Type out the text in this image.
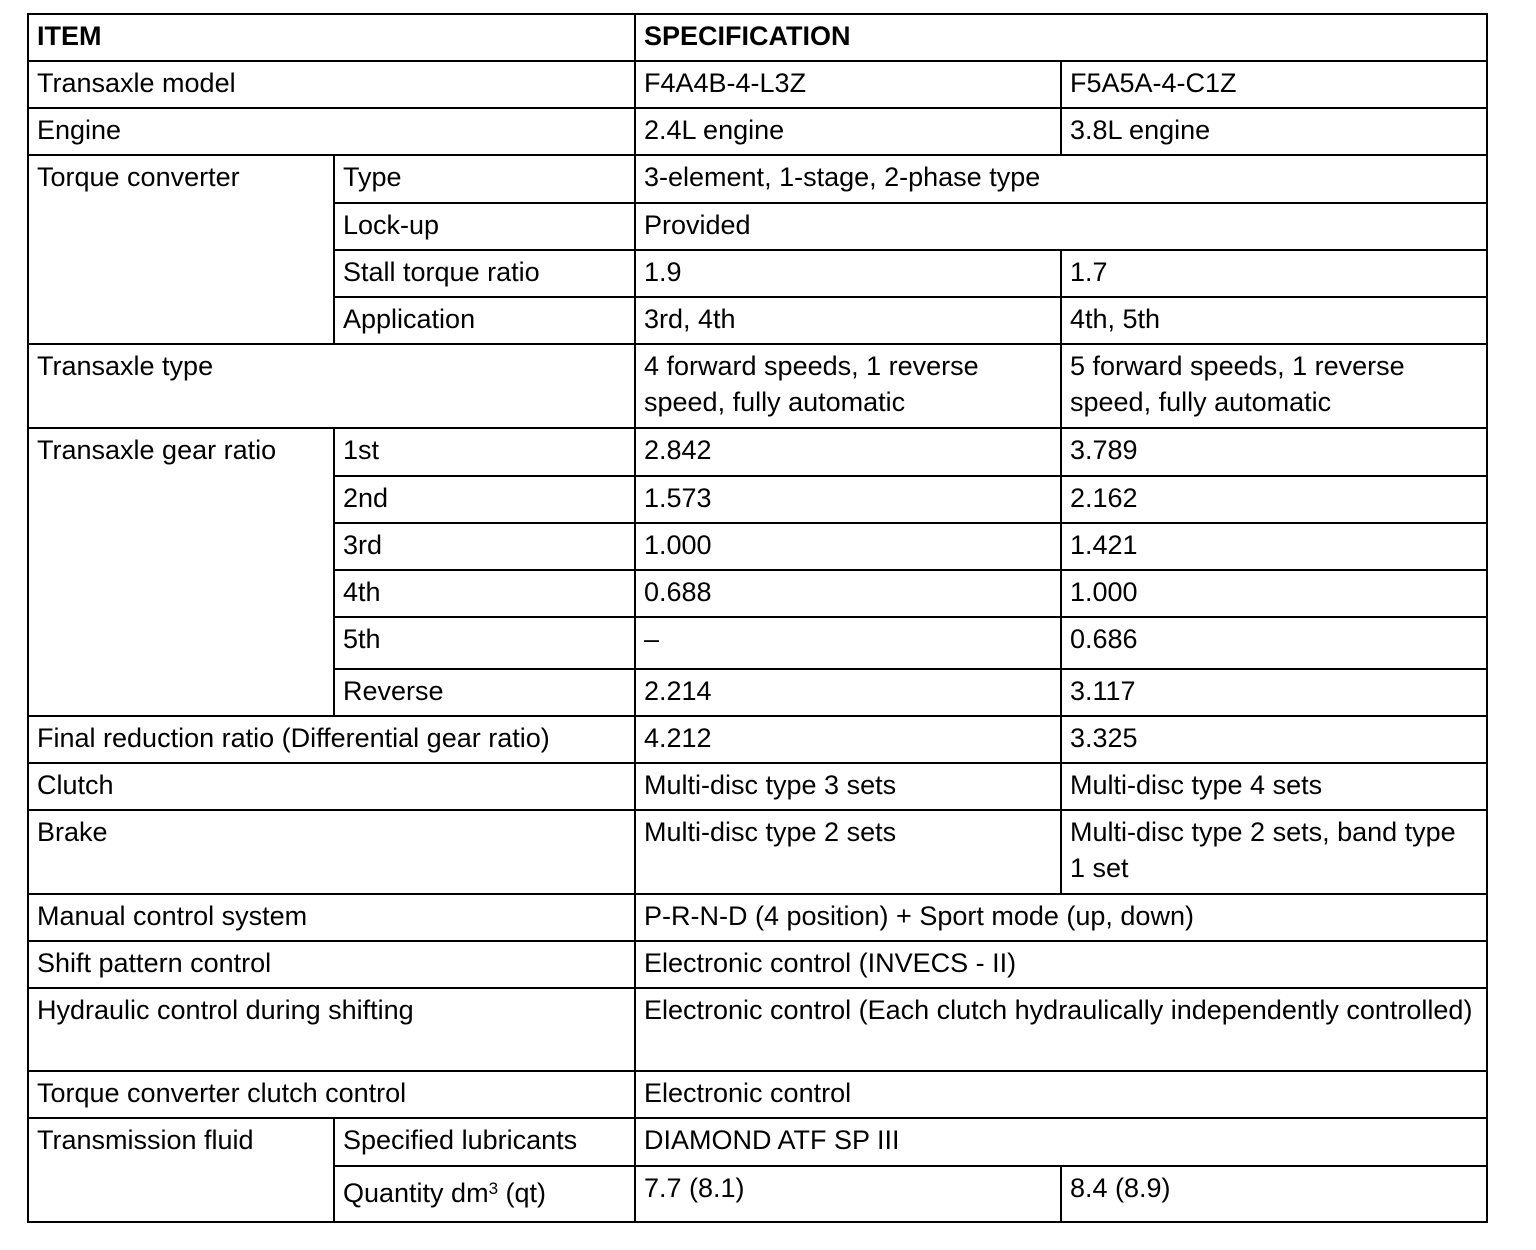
ITEM		SPECIFICATION	
Transaxle model		F4A4B-4-L3Z	F5A5A-4-C1Z
Engine		2.4L engine	3.8L engine
Torque converter	Type	3-element, 1-stage, 2-phase type	
	Lock-up	Provided	
	Stall torque ratio	1.9	1.7
	Application	3rd, 4th	4th, 5th
Transaxle type		4 forward speeds, 1 reverse speed, fully automatic	5 forward speeds, 1 reverse speed, fully automatic
Transaxle gear ratio	1st	2.842	3.789
	2nd	1.573	2.162
	3rd	1.000	1.421
	4th	0.688	1.000
	5th	–	0.686
	Reverse	2.214	3.117
Final reduction ratio (Differential gear ratio)		4.212	3.325
Clutch		Multi-disc type 3 sets	Multi-disc type 4 sets
Brake		Multi-disc type 2 sets	Multi-disc type 2 sets, band type 1 set
Manual control system		P-R-N-D (4 position) + Sport mode (up, down)	
Shift pattern control		Electronic control (INVECS - II)	
Hydraulic control during shifting		Electronic control (Each clutch hydraulically independently controlled)	
Torque converter clutch control		Electronic control	
Transmission fluid	Specified lubricants	DIAMOND ATF SP III	
	Quantity $dm^3$ (qt)	7.7 (8.1)	8.4 (8.9)
